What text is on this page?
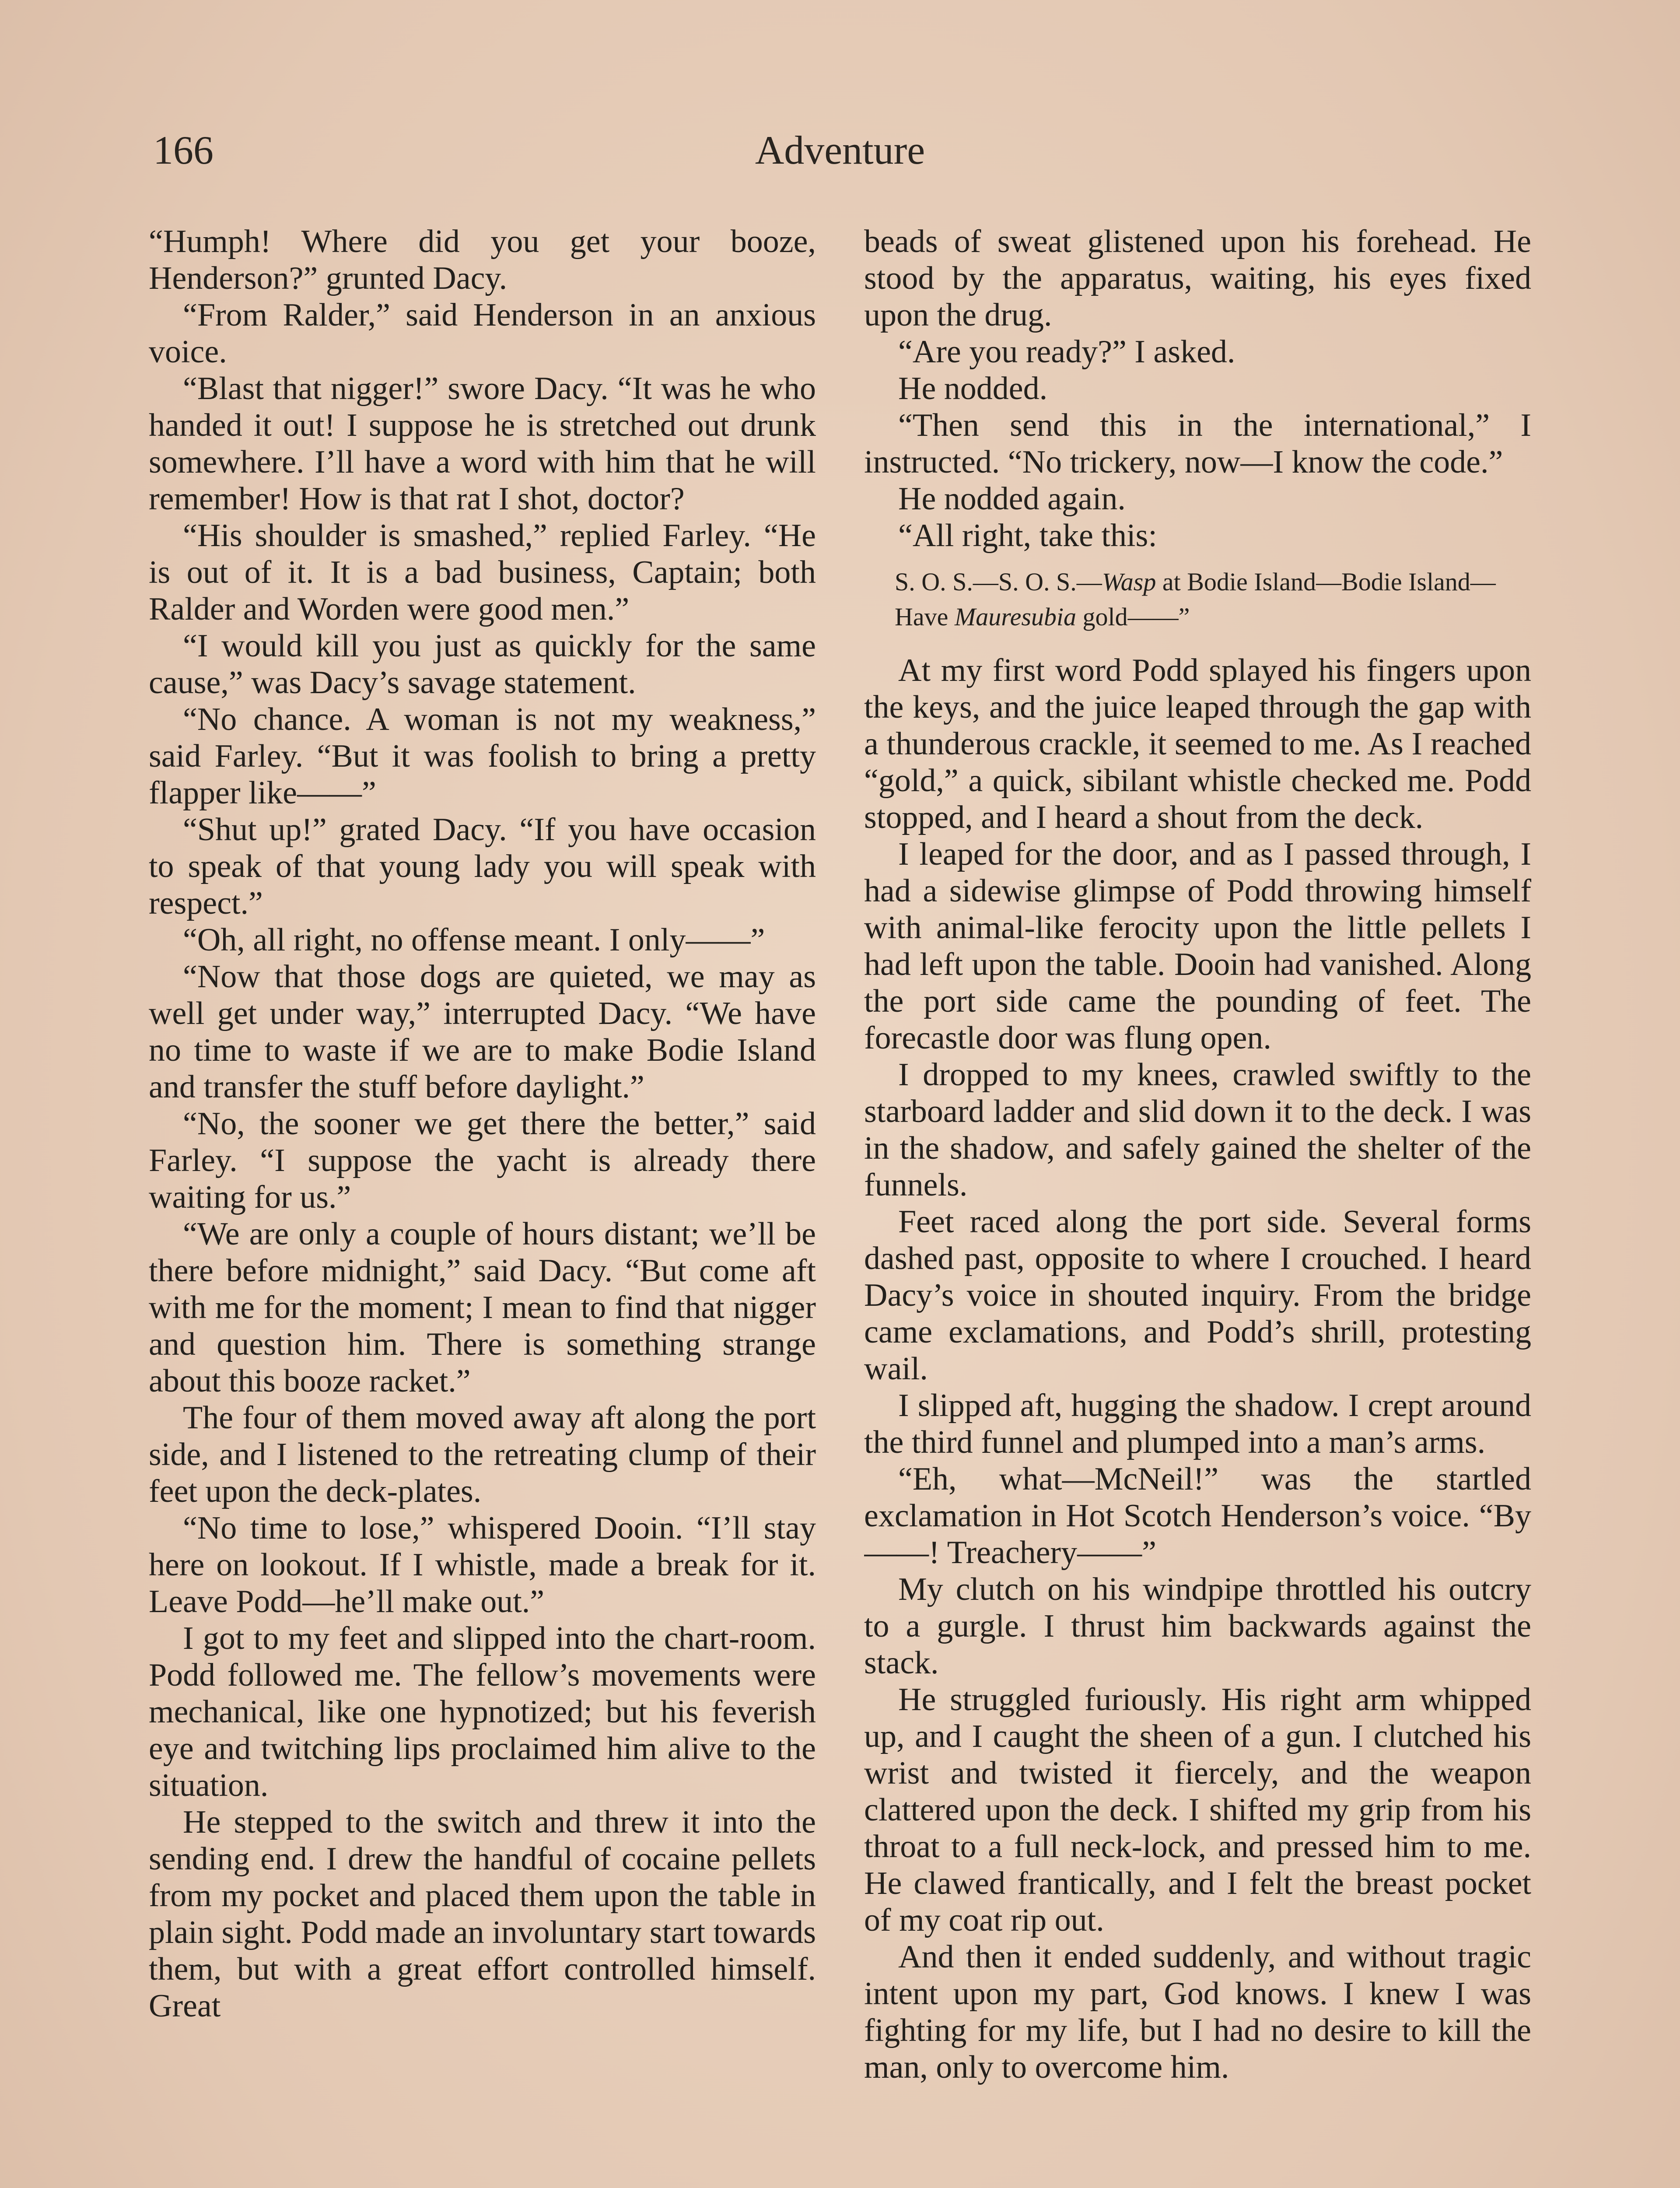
166	Adventure

“Humph! Where did you get your booze, Henderson?” grunted Dacy.

“From Ralder,” said Henderson in an anxious voice.

“Blast that nigger!” swore Dacy. “It was he who handed it out! I suppose he is stretched out drunk somewhere. I’ll have a word with him that he will remember! How is that rat I shot, doctor?

“His shoulder is smashed,” replied Farley. “He is out of it. It is a bad business, Captain; both Ralder and Worden were good men.”

“I would kill you just as quickly for the same cause,” was Dacy’s savage statement.

“No chance. A woman is not my weakness,” said Farley. “But it was foolish to bring a pretty flapper like——”

“Shut up!” grated Dacy. “If you have occasion to speak of that young lady you will speak with respect.”

“Oh, all right, no offense meant. I only——”

“Now that those dogs are quieted, we may as well get under way,” interrupted Dacy. “We have no time to waste if we are to make Bodie Island and transfer the stuff before daylight.”

“No, the sooner we get there the better,” said Farley. “I suppose the yacht is already there waiting for us.”

“We are only a couple of hours distant; we’ll be there before midnight,” said Dacy. “But come aft with me for the moment; I mean to find that nigger and question him. There is something strange about this booze racket.”

The four of them moved away aft along the port side, and I listened to the retreating clump of their feet upon the deck-plates.

“No time to lose,” whispered Dooin. “I’ll stay here on lookout. If I whistle, made a break for it. Leave Podd—he’ll make out.”

I got to my feet and slipped into the chart-room. Podd followed me. The fellow’s movements were mechanical, like one hypnotized; but his feverish eye and twitching lips proclaimed him alive to the situation.

He stepped to the switch and threw it into the sending end. I drew the handful of cocaine pellets from my pocket and placed them upon the table in plain sight. Podd made an involuntary start towards them, but with a great effort controlled himself. Great

beads of sweat glistened upon his forehead. He stood by the apparatus, waiting, his eyes fixed upon the drug.

“Are you ready?” I asked.

He nodded.

“Then send this in the international,” I instructed. “No trickery, now—I know the code.”

He nodded again.

“All right, take this:

S. O. S.—S. O. S.—Wasp at Bodie Island—Bodie Island—Have Mauresubia gold——”

At my first word Podd splayed his fingers upon the keys, and the juice leaped through the gap with a thunderous crackle, it seemed to me. As I reached “gold,” a quick, sibilant whistle checked me. Podd stopped, and I heard a shout from the deck.

I leaped for the door, and as I passed through, I had a sidewise glimpse of Podd throwing himself with animal-like ferocity upon the little pellets I had left upon the table. Dooin had vanished. Along the port side came the pounding of feet. The forecastle door was flung open.

I dropped to my knees, crawled swiftly to the starboard ladder and slid down it to the deck. I was in the shadow, and safely gained the shelter of the funnels.

Feet raced along the port side. Several forms dashed past, opposite to where I crouched. I heard Dacy’s voice in shouted inquiry. From the bridge came exclamations, and Podd’s shrill, protesting wail.

I slipped aft, hugging the shadow. I crept around the third funnel and plumped into a man’s arms.

“Eh, what—McNeil!” was the startled exclamation in Hot Scotch Henderson’s voice. “By ——! Treachery——”

My clutch on his windpipe throttled his outcry to a gurgle. I thrust him backwards against the stack.

He struggled furiously. His right arm whipped up, and I caught the sheen of a gun. I clutched his wrist and twisted it fiercely, and the weapon clattered upon the deck. I shifted my grip from his throat to a full neck-lock, and pressed him to me. He clawed frantically, and I felt the breast pocket of my coat rip out.

And then it ended suddenly, and without tragic intent upon my part, God knows. I knew I was fighting for my life, but I had no desire to kill the man, only to overcome him.
